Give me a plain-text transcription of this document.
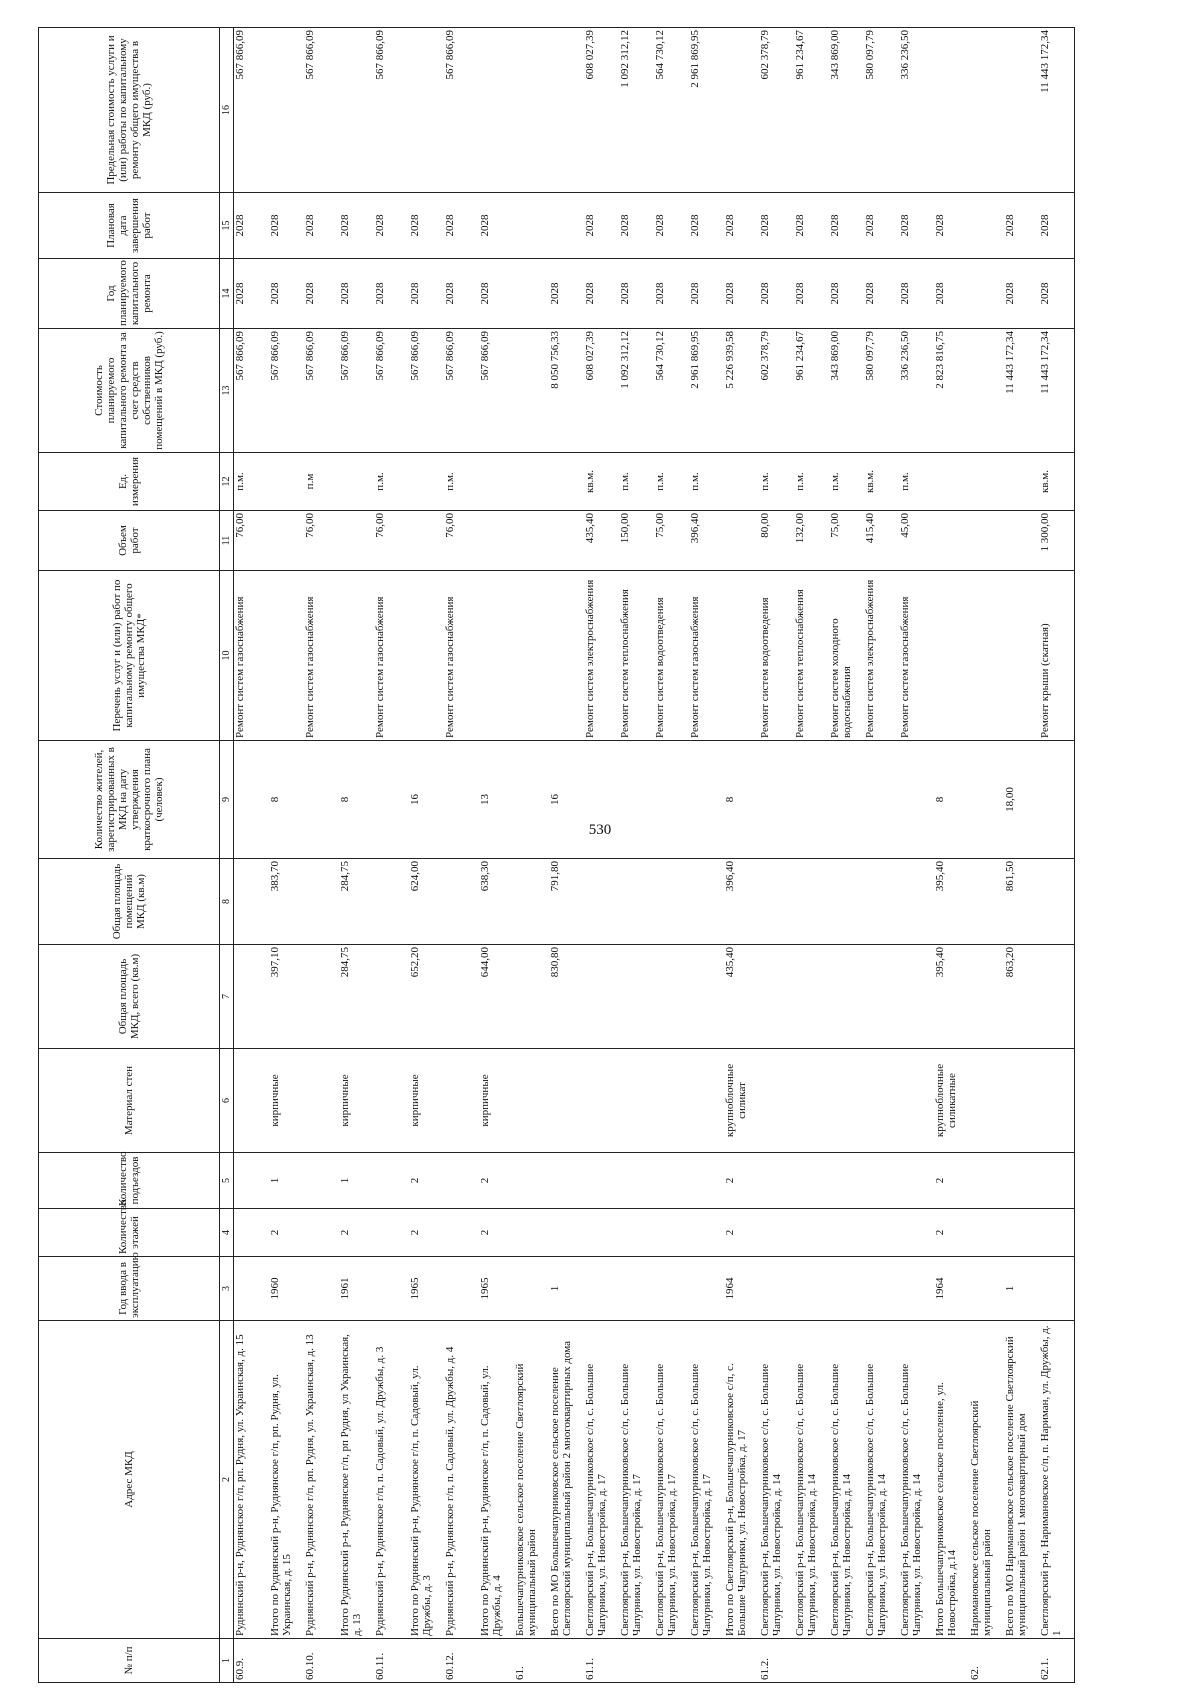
530
№ п/п	Адрес МКД	Год ввода в эксплуатацию	Количество этажей	Количество подъездов	Материал стен	Общая площадь МКД, всего (кв.м)	Общая площадь помещений МКД (кв.м)	Количество жителей, зарегистрированных в МКД на дату утверждения краткосрочного плана (человек)	Перечень услуг и (или) работ по капитальному ремонту общего имущества МКД*	Объем работ	Ед. измерения	Стоимость планируемого капитального ремонта за счет средств собственников помещений в МКД (руб.)	Год планируемого капитального ремонта	Плановая дата завершения работ	Предельная стоимость услуги и (или) работы по капитальному ремонту общего имущества в МКД (руб.)
1	2	3	4	5	6	7	8	9	10	11	12	13	14	15	16
60.9.	Руднянский р-н, Руднянское г/п, рп. Рудня, ул. Украинская, д. 15								Ремонт систем газоснабжения	76,00	п.м.	567 866,09	2028	2028	567 866,09
	Итого по Руднянский р-н, Руднянское г/п, рп. Рудня, ул. Украинская, д. 15	1960	2	1	кирпичные	397,10	383,70	8				567 866,09	2028	2028	
60.10.	Руднянский р-н, Руднянское г/п, рп. Рудня, ул. Украинская, д. 13								Ремонт систем газоснабжения	76,00	п.м	567 866,09	2028	2028	567 866,09
	Итого Руднянский р-н, Руднянское г/п, рп Рудня, ул Украинская, д. 13	1961	2	1	кирпичные	284,75	284,75	8				567 866,09	2028	2028	
60.11.	Руднянский р-н, Руднянское г/п, п. Садовый, ул. Дружбы, д. 3								Ремонт систем газоснабжения	76,00	п.м.	567 866,09	2028	2028	567 866,09
	Итого по Руднянский р-н, Руднянское г/п, п. Садовый, ул. Дружбы, д. 3	1965	2	2	кирпичные	652,20	624,00	16				567 866,09	2028	2028	
60.12.	Руднянский р-н, Руднянское г/п, п. Садовый, ул. Дружбы, д. 4								Ремонт систем газоснабжения	76,00	п.м.	567 866,09	2028	2028	567 866,09
	Итого по Руднянский р-н, Руднянское г/п, п. Садовый, ул. Дружбы, д. 4	1965	2	2	кирпичные	644,00	638,30	13				567 866,09	2028	2028	
61.	Большечапурниковское сельское поселение Светлоярский муниципальный район														
	Всего по МО Большечапурниковское сельское поселение Светлоярский муниципальный район 2 многоквартирных дома	1				830,80	791,80	16				8 050 756,33	2028		
61.1.	Светлоярский р-н, Большечапурниковское с/п, с. Большие Чапурники, ул. Новостройка, д. 17								Ремонт систем электроснабжения	435,40	кв.м.	608 027,39	2028	2028	608 027,39
	Светлоярский р-н, Большечапурниковское с/п, с. Большие Чапурники, ул. Новостройка, д. 17								Ремонт систем теплоснабжения	150,00	п.м.	1 092 312,12	2028	2028	1 092 312,12
	Светлоярский р-н, Большечапурниковское с/п, с. Большие Чапурники, ул. Новостройка, д. 17								Ремонт систем водоотведения	75,00	п.м.	564 730,12	2028	2028	564 730,12
	Светлоярский р-н, Большечапурниковское с/п, с. Большие Чапурники, ул. Новостройка, д. 17								Ремонт систем газоснабжения	396,40	п.м.	2 961 869,95	2028	2028	2 961 869,95
	Итого по Светлоярский р-н, Большечапурниковское с/п, с. Большие Чапурники, ул. Новостройка, д. 17	1964	2	2	крупноблочные силикат	435,40	396,40	8				5 226 939,58	2028	2028	
61.2.	Светлоярский р-н, Большечапурниковское с/п, с. Большие Чапурники, ул. Новостройка, д. 14								Ремонт систем водоотведения	80,00	п.м.	602 378,79	2028	2028	602 378,79
	Светлоярский р-н, Большечапурниковское с/п, с. Большие Чапурники, ул. Новостройка, д. 14								Ремонт систем теплоснабжения	132,00	п.м.	961 234,67	2028	2028	961 234,67
	Светлоярский р-н, Большечапурниковское с/п, с. Большие Чапурники, ул. Новостройка, д. 14								Ремонт систем холодного водоснабжения	75,00	п.м.	343 869,00	2028	2028	343 869,00
	Светлоярский р-н, Большечапурниковское с/п, с. Большие Чапурники, ул. Новостройка, д. 14								Ремонт систем электроснабжения	415,40	кв.м.	580 097,79	2028	2028	580 097,79
	Светлоярский р-н, Большечапурниковское с/п, с. Большие Чапурники, ул. Новостройка, д. 14								Ремонт систем газоснабжения	45,00	п.м.	336 236,50	2028	2028	336 236,50
	Итого Большечапурниковское сельское поселение, ул. Новостройка, д.14	1964	2	2	крупноблочные силикатные	395,40	395,40	8				2 823 816,75	2028	2028	
62.	Наримановское сельское поселение Светлоярский муниципальный район														
	Всего по МО Наримановское сельское поселение Светлоярский муниципальный район 1 многоквартирный дом	1				863,20	861,50	18,00				11 443 172,34	2028	2028	
62.1.	Светлоярский р-н, Наримановское с/п, п. Нариман, ул. Дружбы, д. 1								Ремонт крыши (скатная)	1 300,00	кв.м.	11 443 172,34	2028	2028	11 443 172,34
